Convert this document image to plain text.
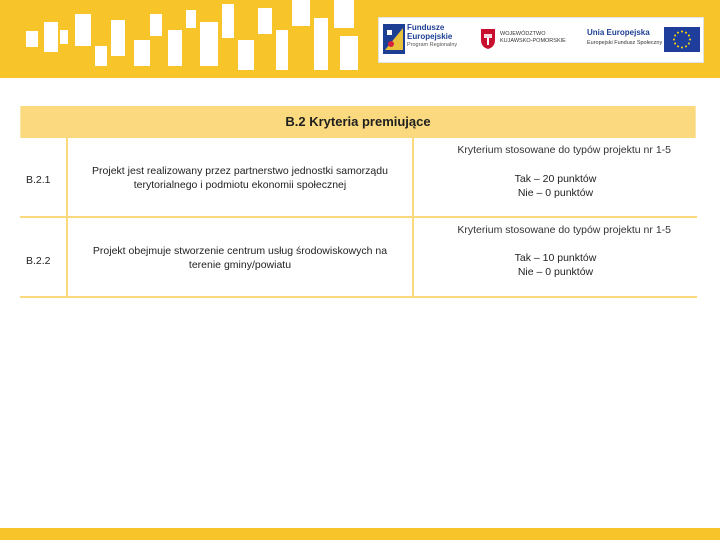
Fundusze
Europejskie
Program Regionalny
WOJEWÓDZTWO
KUJAWSKO-POMORSKIE
Unia Europejska
Europejski Fundusz Społeczny
B.2 Kryteria premiujące
B.2.1
Projekt jest realizowany przez partnerstwo jednostki samorządu terytorialnego i podmiotu ekonomii społecznej
Kryterium stosowane do typów projektu nr 1-5
Tak – 20 punktów
Nie – 0 punktów
B.2.2
Projekt obejmuje stworzenie centrum usług środowiskowych na terenie gminy/powiatu
Kryterium stosowane do typów projektu nr 1-5
Tak – 10 punktów
Nie – 0 punktów
